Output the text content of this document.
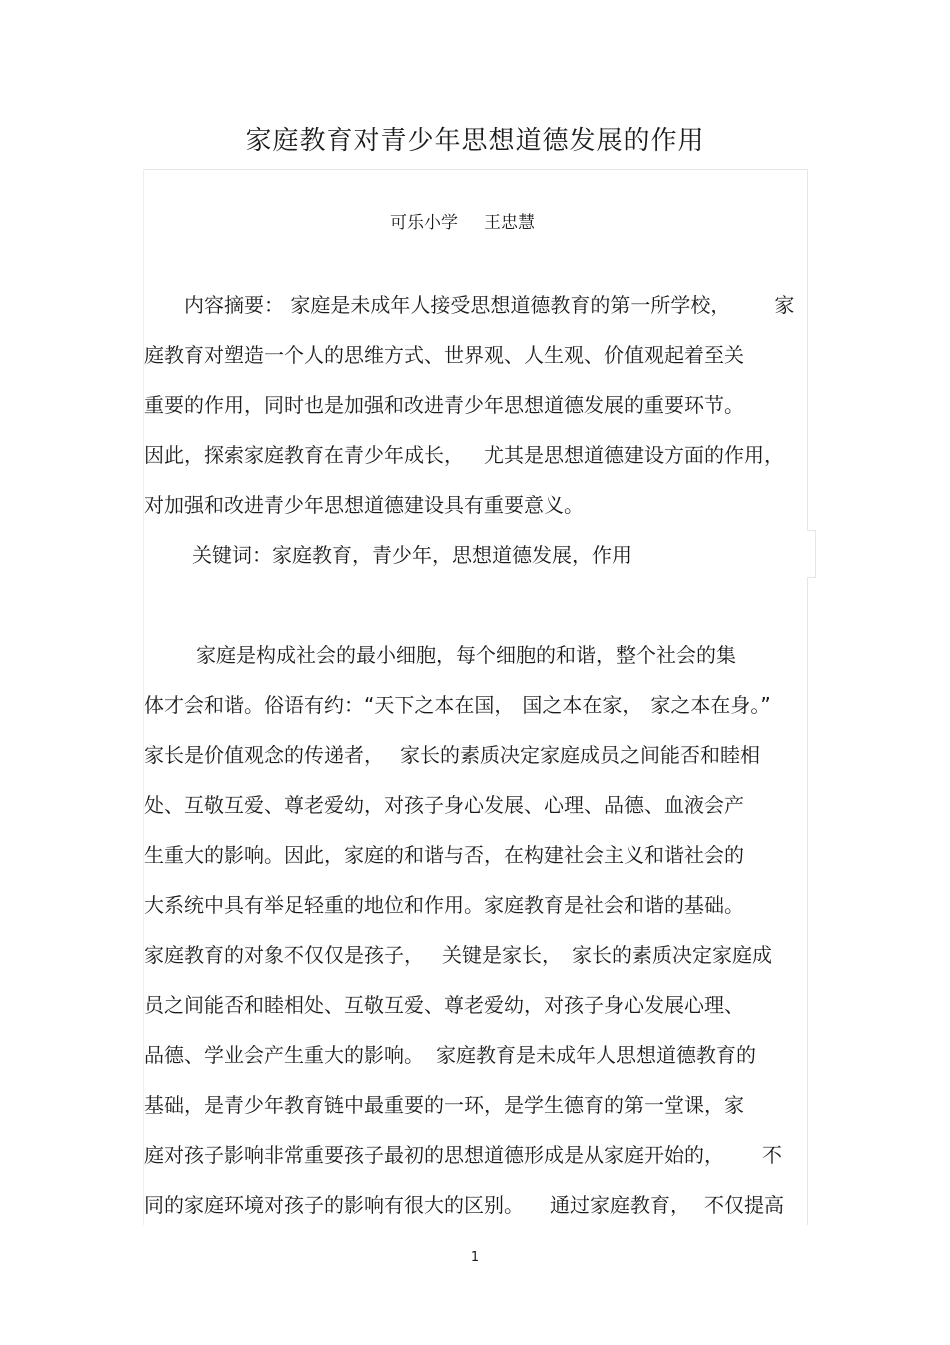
家庭教育对青少年思想道德发展的作用
可乐小学 王忠慧
内容摘要： 家庭是未成年人接受思想道德教育的第一所学校， 家
庭教育对塑造一个人的思维方式、世界观、人生观、价值观起着至关
重要的作用，同时也是加强和改进青少年思想道德发展的重要环节。
因此，探索家庭教育在青少年成长， 尤其是思想道德建设方面的作用，
对加强和改进青少年思想道德建设具有重要意义。
关键词：家庭教育，青少年，思想道德发展，作用
家庭是构成社会的最小细胞，每个细胞的和谐，整个社会的集
体才会和谐。俗语有约：“天下之本在国， 国之本在家， 家之本在身。”
家长是价值观念的传递者， 家长的素质决定家庭成员之间能否和睦相
处、互敬互爱、尊老爱幼，对孩子身心发展、心理、品德、血液会产
生重大的影响。因此，家庭的和谐与否，在构建社会主义和谐社会的
大系统中具有举足轻重的地位和作用。家庭教育是社会和谐的基础。
家庭教育的对象不仅仅是孩子， 关键是家长， 家长的素质决定家庭成
员之间能否和睦相处、互敬互爱、尊老爱幼，对孩子身心发展心理、
品德、学业会产生重大的影响。 家庭教育是未成年人思想道德教育的
基础，是青少年教育链中最重要的一环，是学生德育的第一堂课，家
庭对孩子影响非常重要孩子最初的思想道德形成是从家庭开始的， 不
同的家庭环境对孩子的影响有很大的区别。 通过家庭教育， 不仅提高
1
